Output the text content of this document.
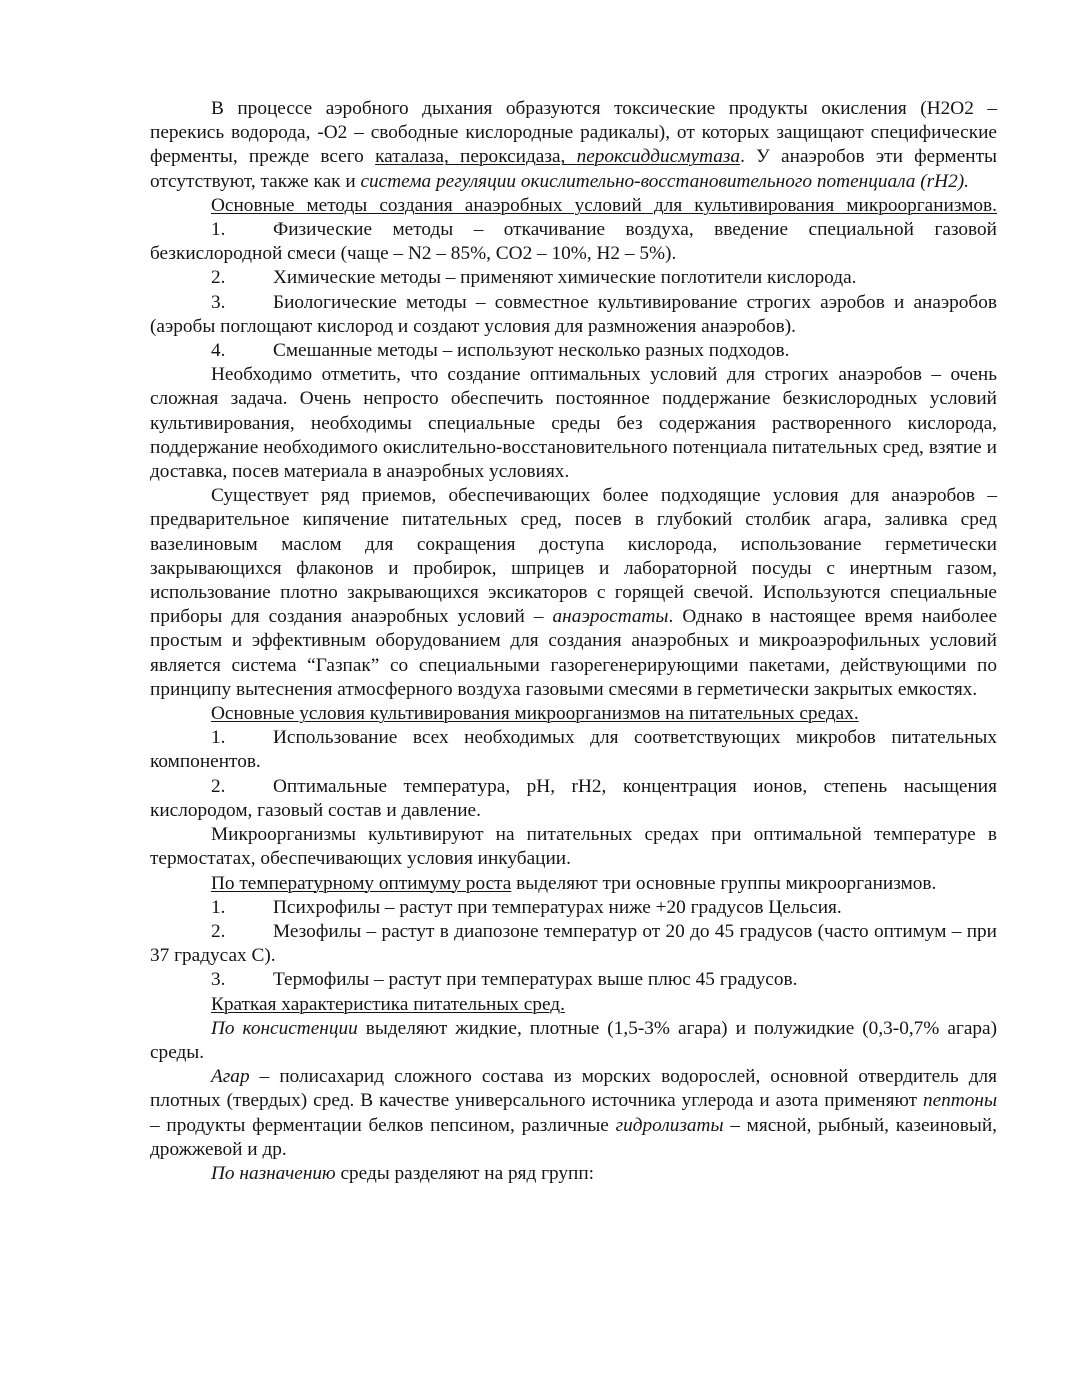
В процессе аэробного дыхания образуются токсические продукты окисления (Н2О2 – перекись водорода, -О2 – свободные кислородные радикалы), от которых защищают специфические ферменты, прежде всего каталаза, пероксидаза, пероксиддисмутаза. У анаэробов эти ферменты отсутствуют, также как и система регуляции окислительно-восстановительного потенциала (rH2).

Основные методы создания анаэробных условий для культивирования микроорганизмов.

1. Физические методы – откачивание воздуха, введение специальной газовой безкислородной смеси (чаще – N2 – 85%, CO2 – 10%, H2 – 5%).

2. Химические методы – применяют химические поглотители кислорода.

3. Биологические методы – совместное культивирование строгих аэробов и анаэробов (аэробы поглощают кислород и создают условия для размножения анаэробов).

4. Смешанные методы – используют несколько разных подходов.

Необходимо отметить, что создание оптимальных условий для строгих анаэробов – очень сложная задача. Очень непросто обеспечить постоянное поддержание безкислородных условий культивирования, необходимы специальные среды без содержания растворенного кислорода, поддержание необходимого окислительно-восстановительного потенциала питательных сред, взятие и доставка, посев материала в анаэробных условиях.

Существует ряд приемов, обеспечивающих более подходящие условия для анаэробов – предварительное кипячение питательных сред, посев в глубокий столбик агара, заливка сред вазелиновым маслом для сокращения доступа кислорода, использование герметически закрывающихся флаконов и пробирок, шприцев и лабораторной посуды с инертным газом, использование плотно закрывающихся эксикаторов с горящей свечой. Используются специальные приборы для создания анаэробных условий – анаэростаты. Однако в настоящее время наиболее простым и эффективным оборудованием для создания анаэробных и микроаэрофильных условий является система “Газпак” со специальными газорегенерирующими пакетами, действующими по принципу вытеснения атмосферного воздуха газовыми смесями в герметически закрытых емкостях.

Основные условия культивирования микроорганизмов на питательных средах.

1. Использование всех необходимых для соответствующих микробов питательных компонентов.

2. Оптимальные температура, рН, rH2, концентрация ионов, степень насыщения кислородом, газовый состав и давление.

Микроорганизмы культивируют на питательных средах при оптимальной температуре в термостатах, обеспечивающих условия инкубации.

По температурному оптимуму роста выделяют три основные группы микроорганизмов.

1. Психрофилы – растут при температурах ниже +20 градусов Цельсия.

2. Мезофилы – растут в диапозоне температур от 20 до 45 градусов (часто оптимум – при 37 градусах С).

3. Термофилы – растут при температурах выше плюс 45 градусов.

Краткая характеристика питательных сред.

По консистенции выделяют жидкие, плотные (1,5-3% агара) и полужидкие (0,3-0,7% агара) среды.

Агар – полисахарид сложного состава из морских водорослей, основной отвердитель для плотных (твердых) сред. В качестве универсального источника углерода и азота применяют пептоны – продукты ферментации белков пепсином, различные гидролизаты – мясной, рыбный, казеиновый, дрожжевой и др.

По назначению среды разделяют на ряд групп:
